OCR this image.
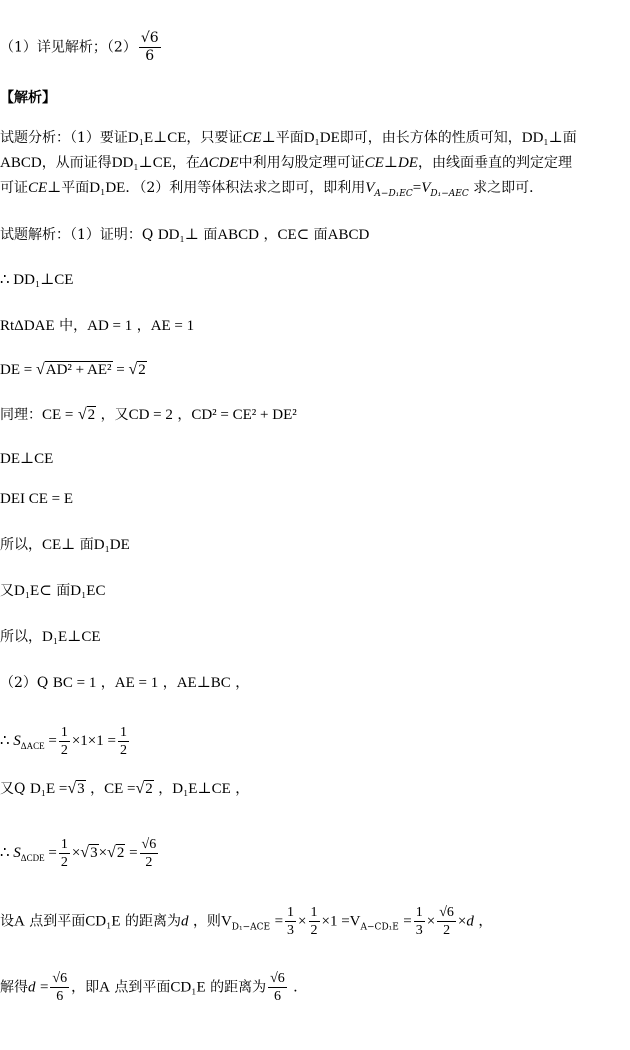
（1）详见解析；$(2) \frac{√6}{6}$
【解析】
试题分析：（1）要证D₁E⊥CE，只要证CE⊥平面D₁DE即可，由长方体的性质可知，DD₁⊥面
ABCD，从而证得DD₁⊥CE，在ΔCDE中利用勾股定理可证CE⊥DE，由线面垂直的判定定理
可证CE⊥平面D₁DE．（2）利用等体积法求之即可，即利用$V_{A-D_1EC}=V_{D_1-AEC}$ 求之即可．
试题解析：（1）证明：Q DD₁⊥ 面ABCD ，CE⊂ 面ABCD
∴ DD₁⊥CE
RtΔDAE 中，AD = 1 ，AE = 1
DE = √AD² + AE² = √2
同理：CE = √2 ，又CD = 2 ，CD² = CE² + DE²
DE⊥CE
DEI CE = E
所以，CE⊥ 面D₁DE
又D₁E⊂ 面D₁EC
所以，D₁E⊥CE
（2）Q BC = 1 ，AE = 1 ，AE⊥BC ，
∴ $S_{\Delta ACE} = \frac{1}{2} \times 1\times 1 = \frac{1}{2}$
又Q D₁E =√3 ，CE =√2 ，D₁E⊥CE ，
∴ $S_{\Delta CDE} = \frac{1}{2} \times√3\times√2 = \frac{√6}{2}$
设A 点到平面CD₁E 的距离为d ，则$V_{D_1-ACE} = \frac{1}{3} \times \frac{1}{2} \times 1 =V_{A-CD_1E} = \frac{1}{3} \times \frac{√6}{2} \times d$ ，
解得$d = \frac{√6}{6}$ ，即A 点到平面CD₁E 的距离为 $\frac{√6}{6}$ ．
